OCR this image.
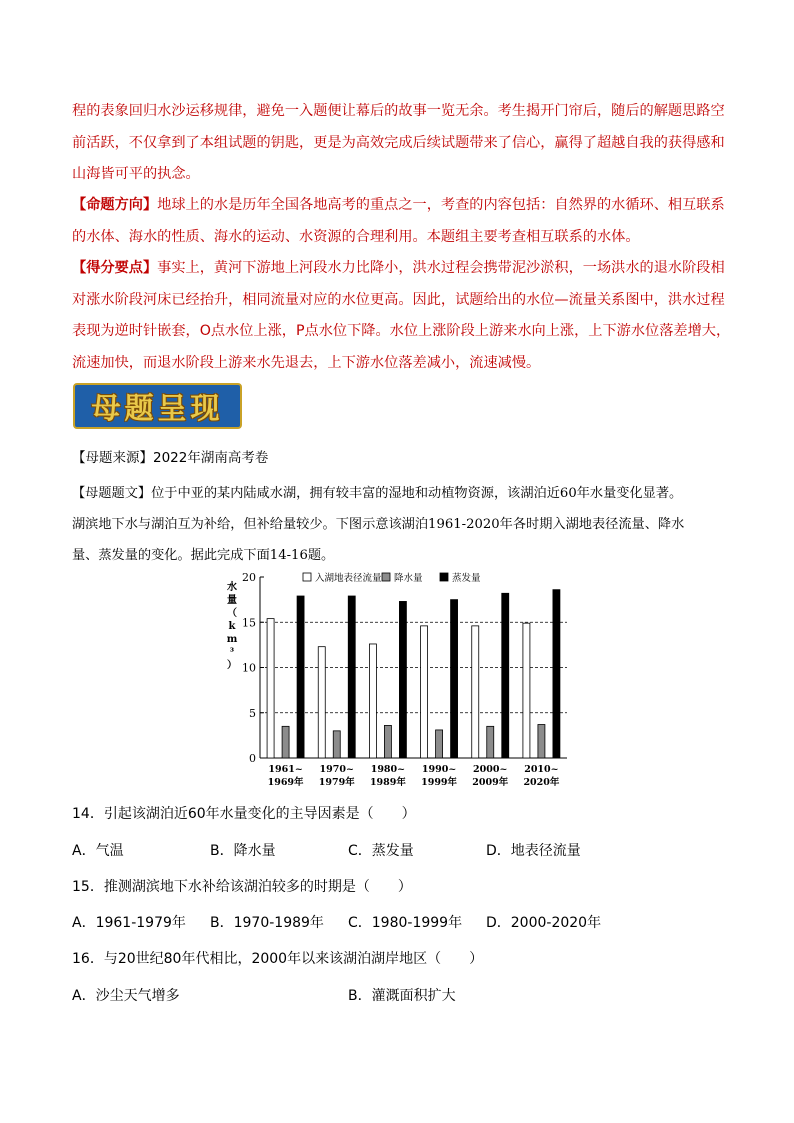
程的表象回归水沙运移规律，避免一入题便让幕后的故事一览无余。考生揭开门帘后，随后的解题思路空
前活跃，不仅拿到了本组试题的钥匙，更是为高效完成后续试题带来了信心，赢得了超越自我的获得感和
山海皆可平的执念。
【命题方向】地球上的水是历年全国各地高考的重点之一，考查的内容包括：自然界的水循环、相互联系
的水体、海水的性质、海水的运动、水资源的合理利用。本题组主要考查相互联系的水体。
【得分要点】事实上，黄河下游地上河段水力比降小，洪水过程会携带泥沙淤积，一场洪水的退水阶段相
对涨水阶段河床已经抬升，相同流量对应的水位更高。因此，试题给出的水位—流量关系图中，洪水过程
表现为逆时针嵌套，O点水位上涨，P点水位下降。水位上涨阶段上游来水向上涨，上下游水位落差增大，
流速加快，而退水阶段上游来水先退去，上下游水位落差减小，流速减慢。
母题呈现
【母题来源】2022年湖南高考卷
【母题题文】位于中亚的某内陆咸水湖，拥有较丰富的湿地和动植物资源，该湖泊近60年水量变化显著。
湖滨地下水与湖泊互为补给，但补给量较少。下图示意该湖泊1961-2020年各时期入湖地表径流量、降水
量、蒸发量的变化。据此完成下面14-16题。
0
5
10
15
20
水
量
（
k
m
³
）
入湖地表径流量 降水量	蒸发量
1961~
1969年
1970~
1979年
1980~
1989年
1990~
1999年
2000~
2009年
2010~
2020年
14．引起该湖泊近60年水量变化的主导因素是（　　）
A．气温	B．降水量	C．蒸发量	D．地表径流量
15．推测湖滨地下水补给该湖泊较多的时期是（　　）
A．1961-1979年 B．1970-1989年 C．1980-1999年 D．2000-2020年
16．与20世纪80年代相比，2000年以来该湖泊湖岸地区（　　）
A．沙尘天气增多	B．灌溉面积扩大
